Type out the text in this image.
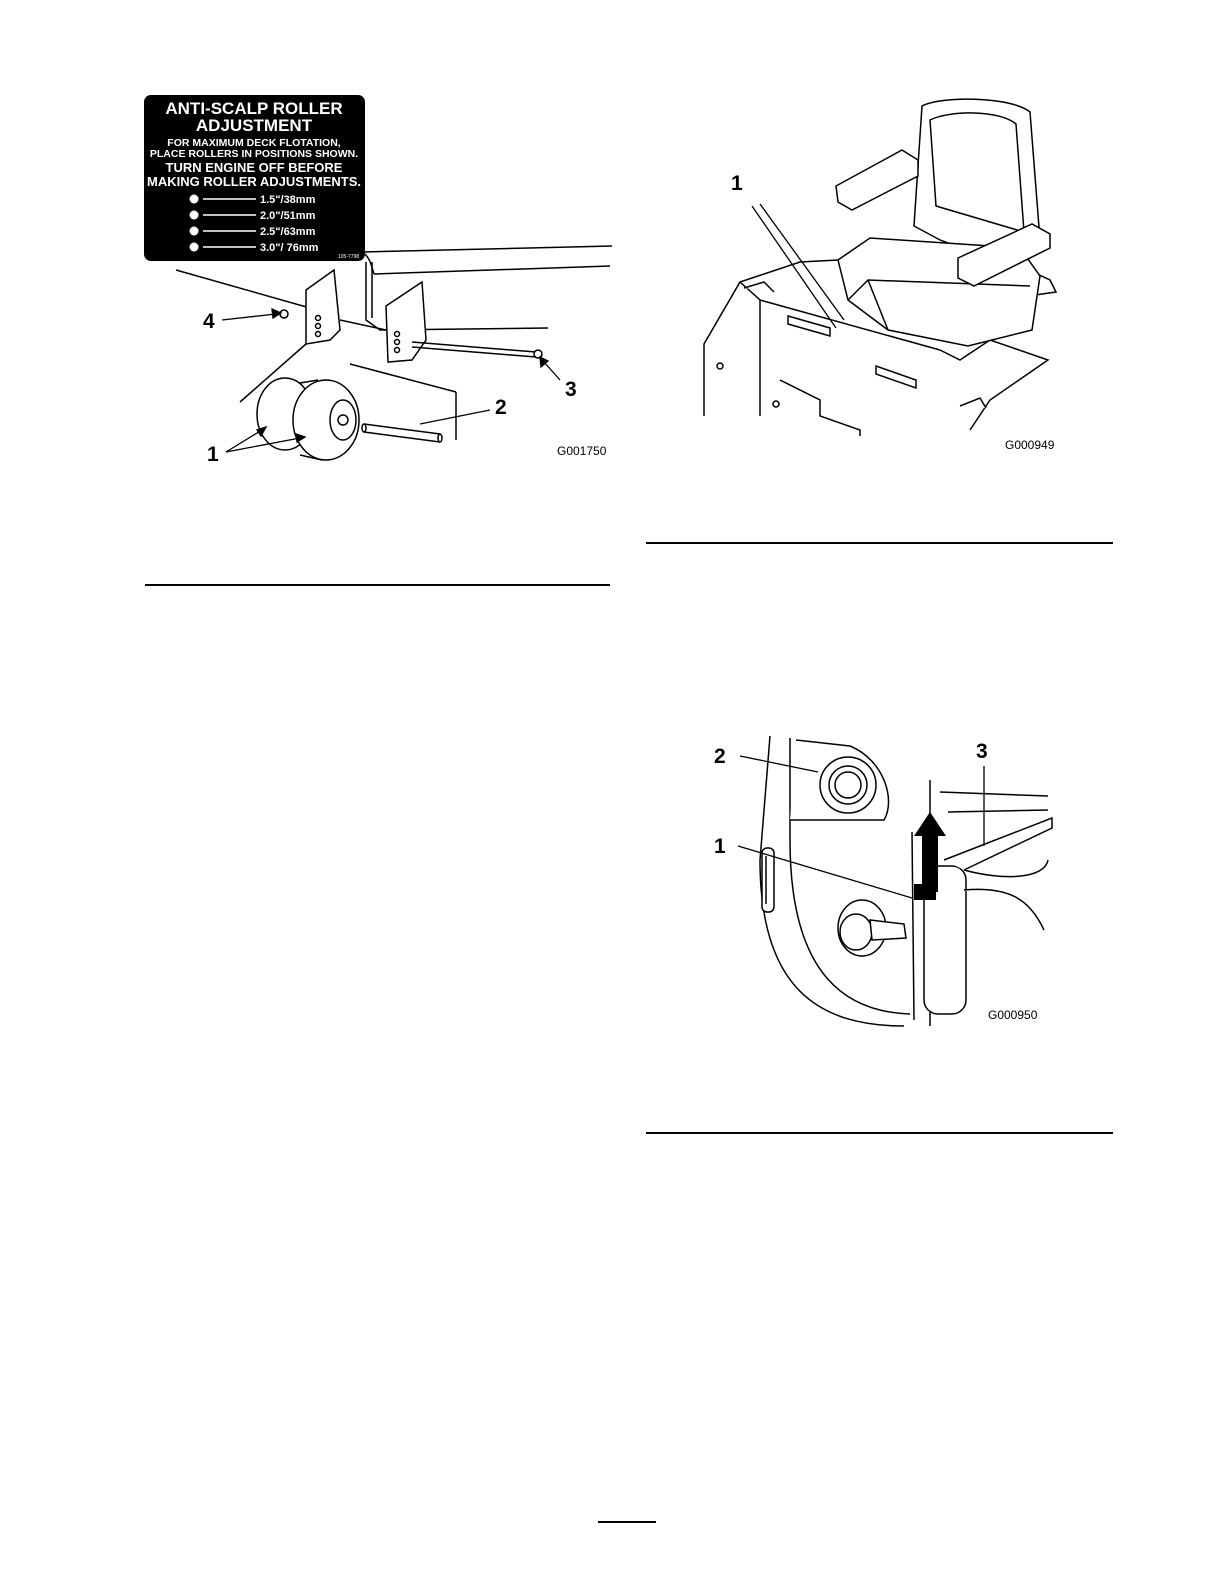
ANTI-SCALP ROLLER
ADJUSTMENT
FOR MAXIMUM DECK FLOTATION,
PLACE ROLLERS IN POSITIONS SHOWN.
TURN ENGINE OFF BEFORE
MAKING ROLLER ADJUSTMENTS.
1.5"/38mm
2.0"/51mm
2.5"/63mm
3.0"/ 76mm
105-7798
4
3
2
1	G001750
1
G000949
2
1
3
G000950
